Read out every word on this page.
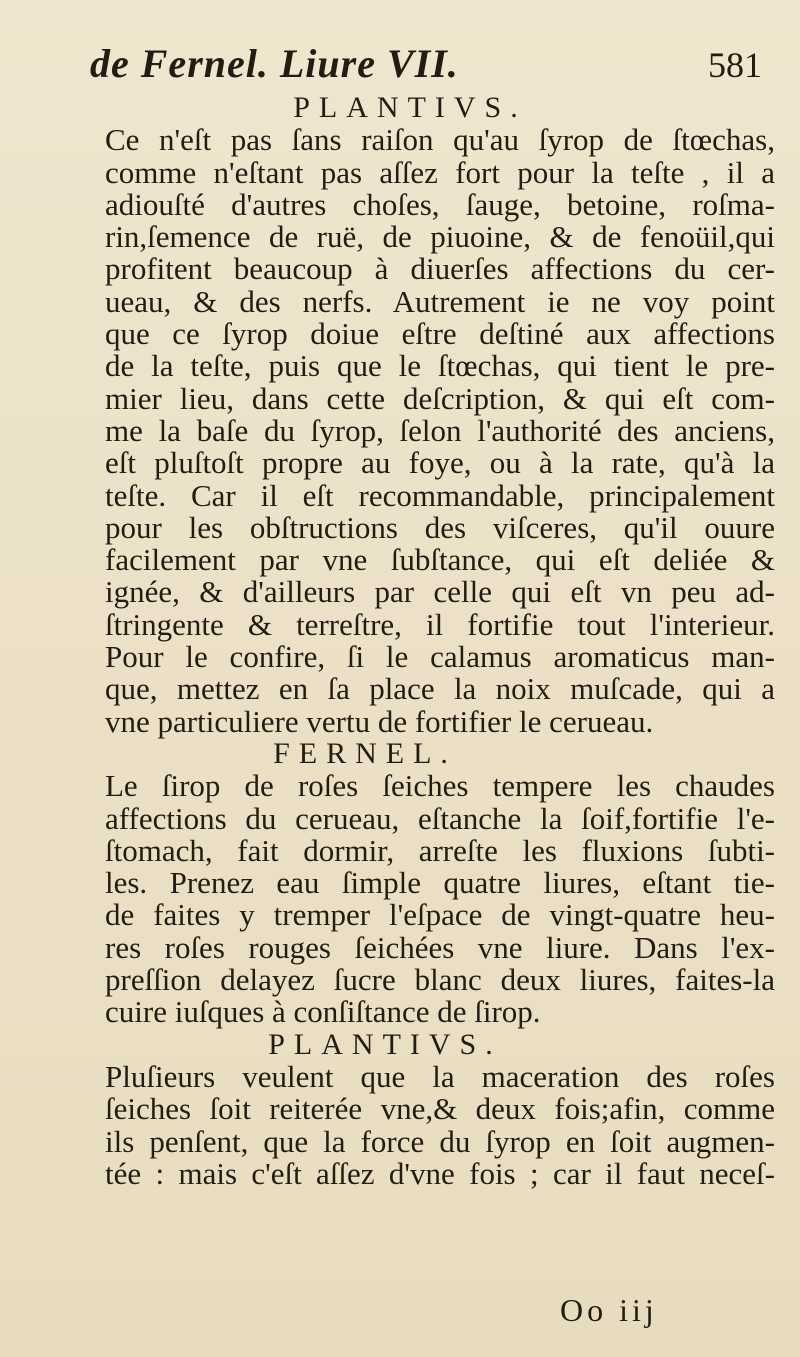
de Fernel. Liure VII.	581
PLANTIVS.
Ce n'eſt pas ſans raiſon qu'au ſyrop de ſtœchas,
comme n'eſtant pas aſſez fort pour la teſte , il a
adiouſté d'autres choſes, ſauge, betoine, roſma-
rin,ſemence de ruë, de piuoine, & de fenoüil,qui
profitent beaucoup à diuerſes affections du cer-
ueau, & des nerfs. Autrement ie ne voy point
que ce ſyrop doiue eſtre deſtiné aux affections
de la teſte, puis que le ſtœchas, qui tient le pre-
mier lieu, dans cette deſcription, & qui eſt com-
me la baſe du ſyrop, ſelon l'authorité des anciens,
eſt pluſtoſt propre au foye, ou à la rate, qu'à la
teſte. Car il eſt recommandable, principalement
pour les obſtructions des viſceres, qu'il ouure
facilement par vne ſubſtance, qui eſt deliée &
ignée, & d'ailleurs par celle qui eſt vn peu ad-
ſtringente & terreſtre, il fortifie tout l'interieur.
Pour le confire, ſi le calamus aromaticus man-
que, mettez en ſa place la noix muſcade, qui a
vne particuliere vertu de fortifier le cerueau.
FERNEL.
Le ſirop de roſes ſeiches tempere les chaudes
affections du cerueau, eſtanche la ſoif,fortifie l'e-
ſtomach, fait dormir, arreſte les fluxions ſubti-
les. Prenez eau ſimple quatre liures, eſtant tie-
de faites y tremper l'eſpace de vingt-quatre heu-
res roſes rouges ſeichées vne liure. Dans l'ex-
preſſion delayez ſucre blanc deux liures, faites-la
cuire iuſques à conſiſtance de ſirop.
PLANTIVS.
Pluſieurs veulent que la maceration des roſes
ſeiches ſoit reiterée vne,& deux fois;afin, comme
ils penſent, que la force du ſyrop en ſoit augmen-
tée : mais c'eſt aſſez d'vne fois ; car il faut neceſ-
Oo iij
